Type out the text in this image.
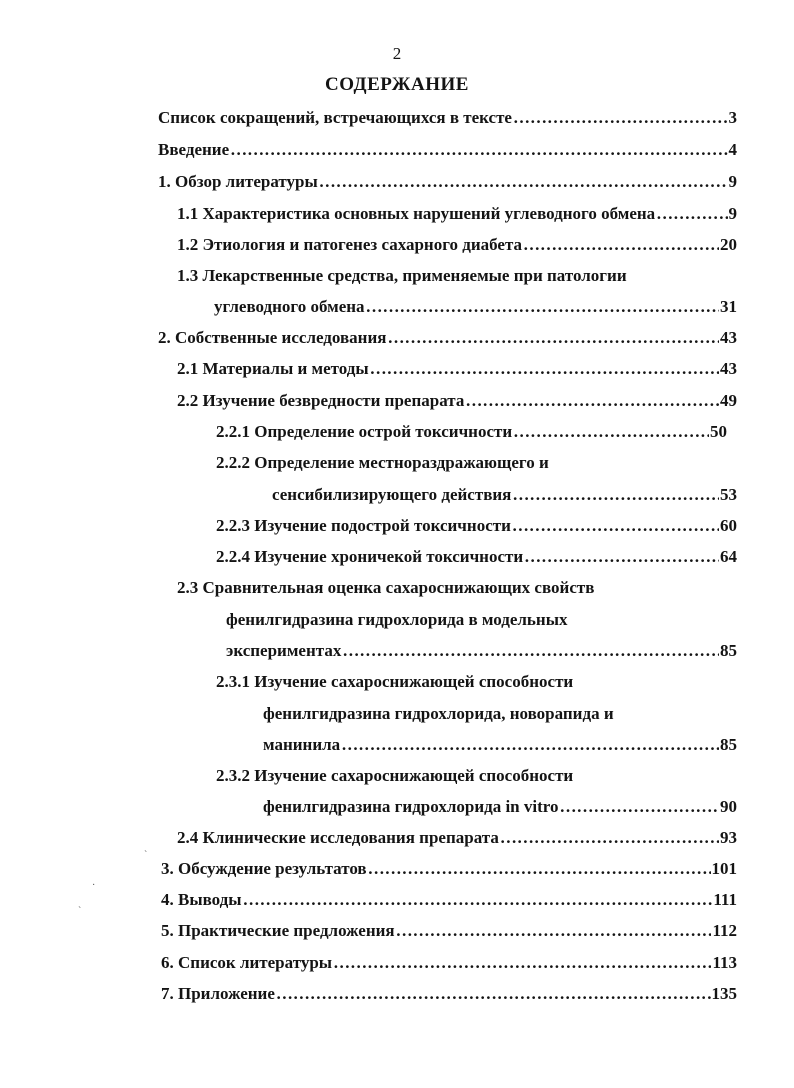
2
СОДЕРЖАНИЕ
Список сокращений, встречающихся в тексте …………………………………………………………………………………………………………………………………………………………………………………	3
Введение …………………………………………………………………………………………………………………………………………………………………………………	4
1. Обзор литературы …………………………………………………………………………………………………………………………………………………………………………………	9
1.1 Характеристика основных нарушений углеводного обмена …………………………………………………………………………………………………………………………………………………………………………………	9
1.2 Этиология и патогенез сахарного диабета …………………………………………………………………………………………………………………………………………………………………………………	20
1.3 Лекарственные средства, применяемые при патологии
углеводного обмена …………………………………………………………………………………………………………………………………………………………………………………	31
2. Собственные исследования …………………………………………………………………………………………………………………………………………………………………………………	43
2.1 Материалы и методы …………………………………………………………………………………………………………………………………………………………………………………	43
2.2 Изучение безвредности препарата …………………………………………………………………………………………………………………………………………………………………………………	49
2.2.1 Определение острой токсичности …………………………………………………………………………………………………………………………………………………………………………………	50
2.2.2 Определение местнораздражающего и
сенсибилизирующего действия …………………………………………………………………………………………………………………………………………………………………………………	53
2.2.3 Изучение подострой токсичности …………………………………………………………………………………………………………………………………………………………………………………	60
2.2.4 Изучение хроничекой токсичности …………………………………………………………………………………………………………………………………………………………………………………	64
2.3 Сравнительная оценка сахароснижающих свойств
фенилгидразина гидрохлорида в модельных
экспериментах …………………………………………………………………………………………………………………………………………………………………………………	85
2.3.1 Изучение сахароснижающей способности
фенилгидразина гидрохлорида, новорапида и
манинила …………………………………………………………………………………………………………………………………………………………………………………	85
2.3.2 Изучение сахароснижающей способности
фенилгидразина гидрохлорида in vitro …………………………………………………………………………………………………………………………………………………………………………………	90
2.4 Клинические исследования препарата …………………………………………………………………………………………………………………………………………………………………………………	93
3. Обсуждение результатов …………………………………………………………………………………………………………………………………………………………………………………	101
4. Выводы …………………………………………………………………………………………………………………………………………………………………………………	111
5. Практические предложения …………………………………………………………………………………………………………………………………………………………………………………	112
6. Список литературы …………………………………………………………………………………………………………………………………………………………………………………	113
7. Приложение …………………………………………………………………………………………………………………………………………………………………………………	135
ˋ
·
ˋ
